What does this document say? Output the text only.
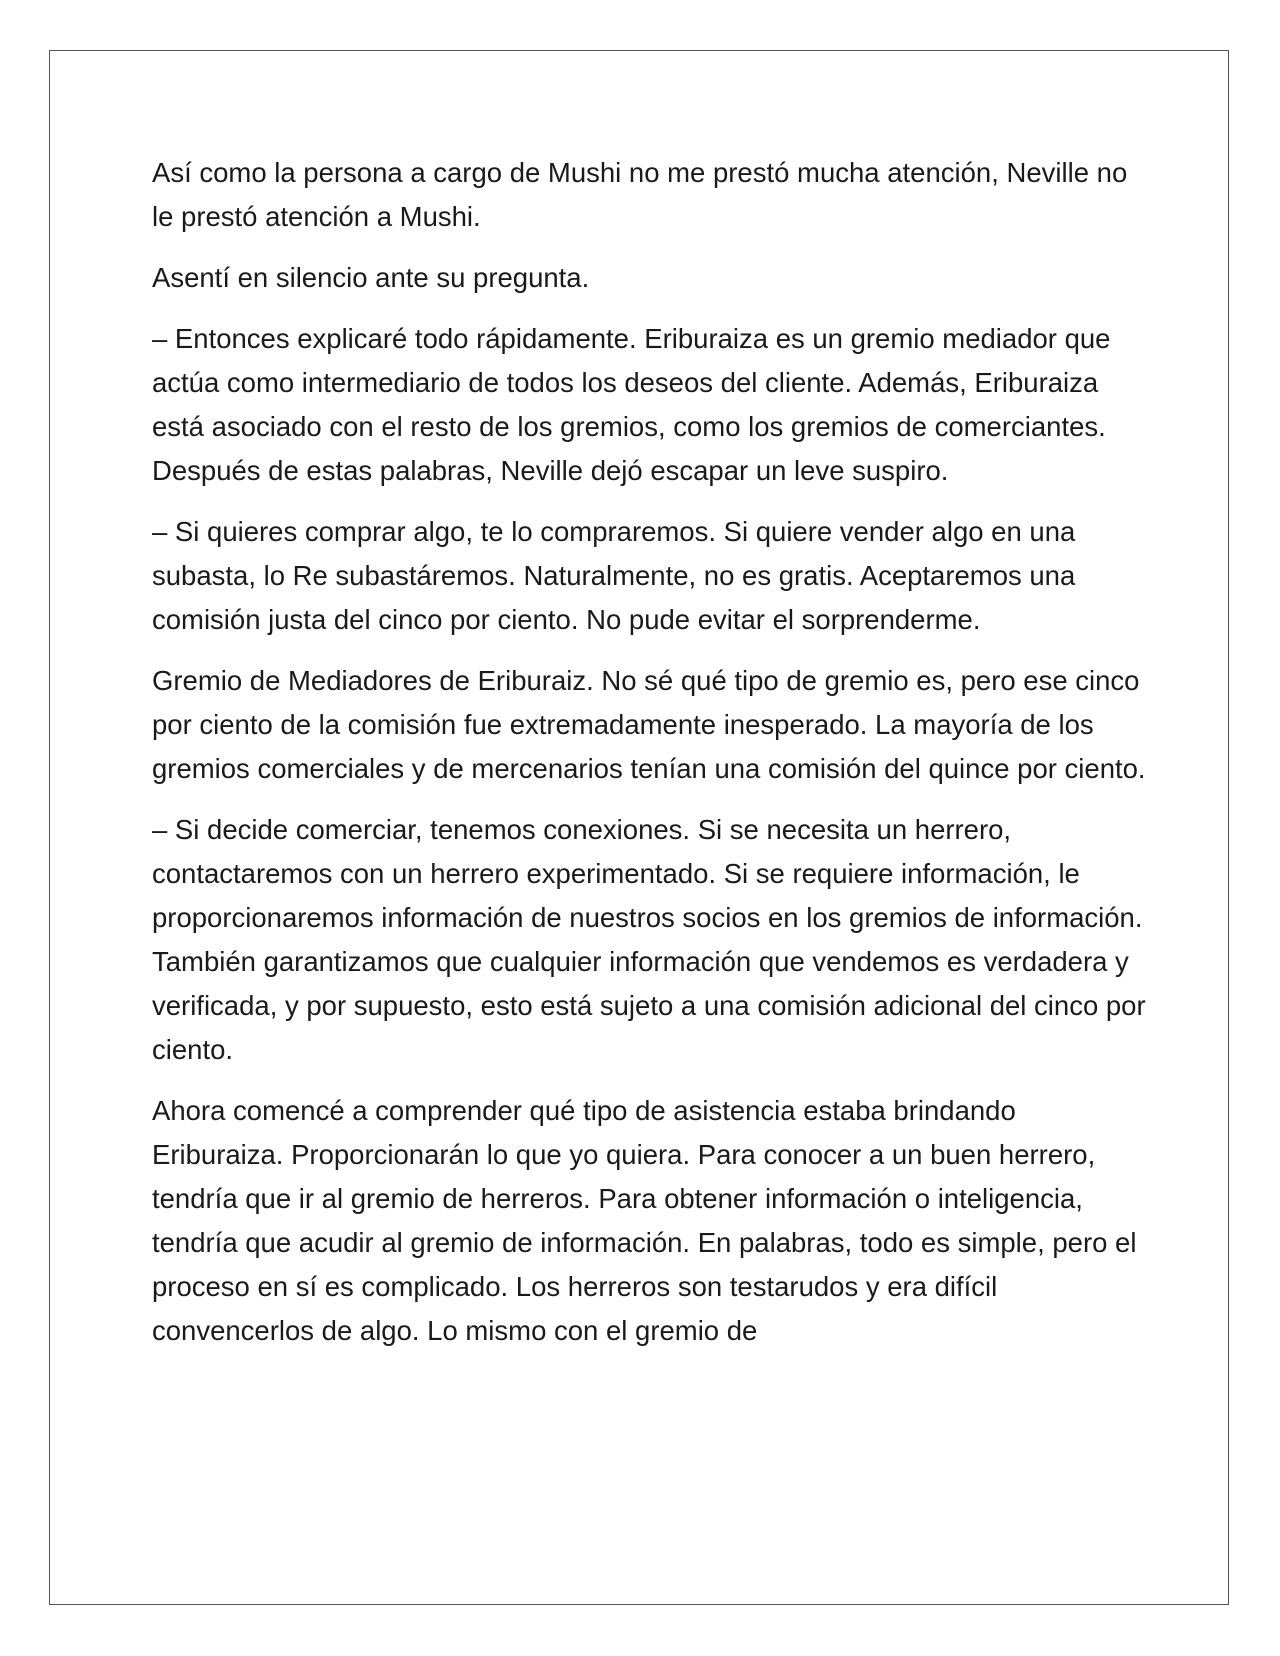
Así como la persona a cargo de Mushi no me prestó mucha atención, Neville no le prestó atención a Mushi.

Asentí en silencio ante su pregunta.

– Entonces explicaré todo rápidamente. Eriburaiza es un gremio mediador que actúa como intermediario de todos los deseos del cliente. Además, Eriburaiza está asociado con el resto de los gremios, como los gremios de comerciantes. Después de estas palabras, Neville dejó escapar un leve suspiro.

– Si quieres comprar algo, te lo compraremos. Si quiere vender algo en una subasta, lo Re subastáremos. Naturalmente, no es gratis. Aceptaremos una comisión justa del cinco por ciento. No pude evitar el sorprenderme.

Gremio de Mediadores de Eriburaiz. No sé qué tipo de gremio es, pero ese cinco por ciento de la comisión fue extremadamente inesperado. La mayoría de los gremios comerciales y de mercenarios tenían una comisión del quince por ciento.

– Si decide comerciar, tenemos conexiones. Si se necesita un herrero, contactaremos con un herrero experimentado. Si se requiere información, le proporcionaremos información de nuestros socios en los gremios de información. También garantizamos que cualquier información que vendemos es verdadera y verificada, y por supuesto, esto está sujeto a una comisión adicional del cinco por ciento.

Ahora comencé a comprender qué tipo de asistencia estaba brindando Eriburaiza. Proporcionarán lo que yo quiera. Para conocer a un buen herrero, tendría que ir al gremio de herreros. Para obtener información o inteligencia, tendría que acudir al gremio de información. En palabras, todo es simple, pero el proceso en sí es complicado. Los herreros son testarudos y era difícil convencerlos de algo. Lo mismo con el gremio de
